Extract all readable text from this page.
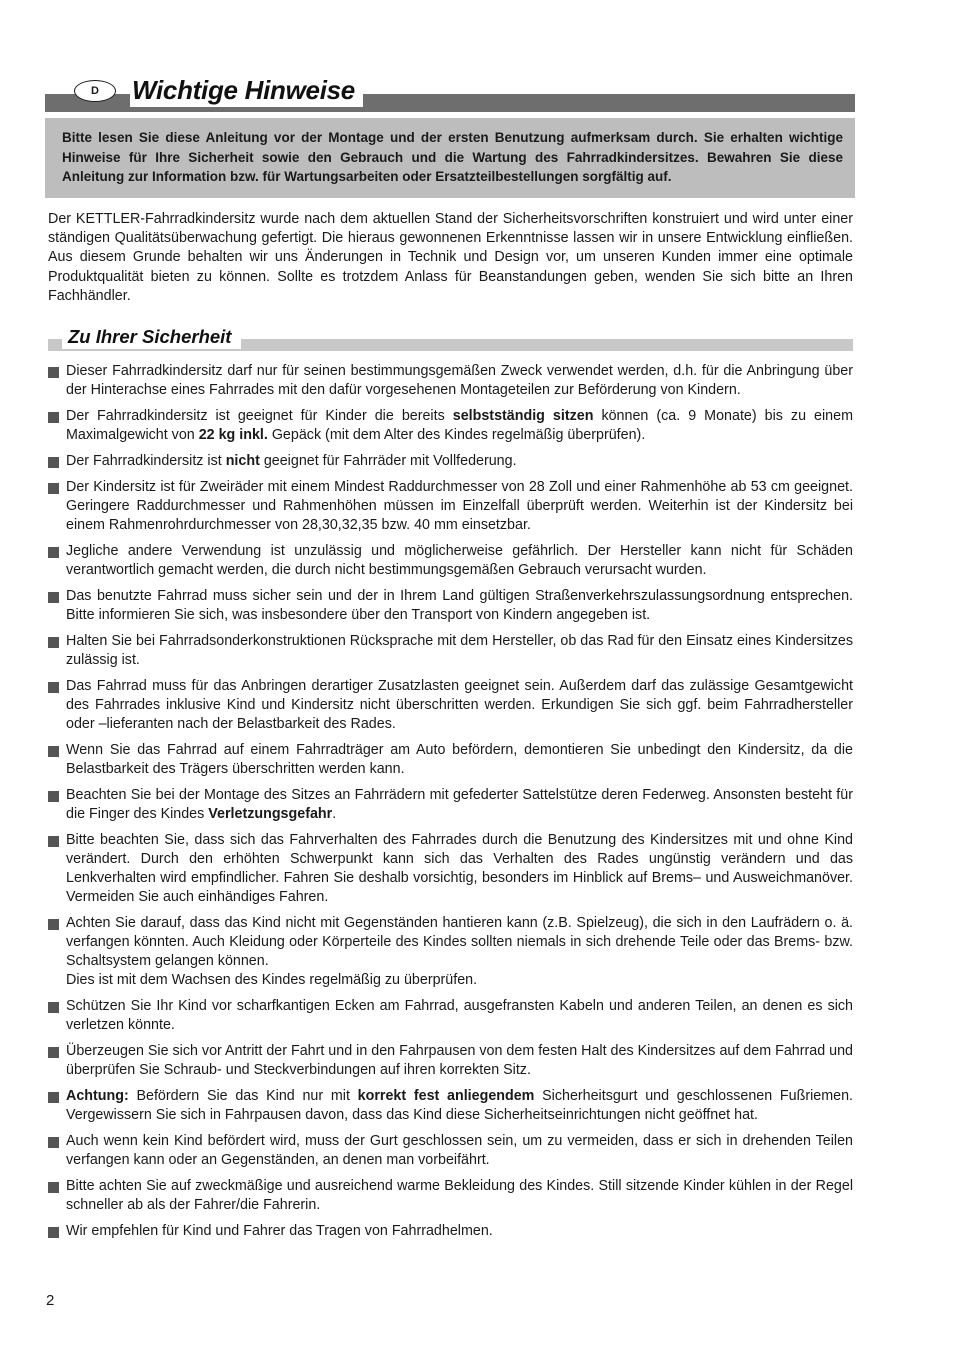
D	Wichtige Hinweise
Bitte lesen Sie diese Anleitung vor der Montage und der ersten Benutzung aufmerksam durch. Sie erhalten wichtige Hinweise für Ihre Sicherheit sowie den Gebrauch und die Wartung des Fahrradkindersitzes. Bewahren Sie diese Anleitung zur Information bzw. für Wartungsarbeiten oder Ersatzteilbestellungen sorgfältig auf.
Der KETTLER-Fahrradkindersitz wurde nach dem aktuellen Stand der Sicherheitsvorschriften konstruiert und wird unter einer ständigen Qualitätsüberwachung gefertigt. Die hieraus gewonnenen Erkenntnisse lassen wir in unsere Entwicklung einfließen. Aus diesem Grunde behalten wir uns Änderungen in Technik und Design vor, um unseren Kunden immer eine optimale Produktqualität bieten zu können. Sollte es trotzdem Anlass für Beanstandungen geben, wenden Sie sich bitte an Ihren Fachhändler.
Zu Ihrer Sicherheit
Dieser Fahrradkindersitz darf nur für seinen bestimmungsgemäßen Zweck verwendet werden, d.h. für die Anbringung über der Hinterachse eines Fahrrades mit den dafür vorgesehenen Montageteilen zur Beförderung von Kindern.
Der Fahrradkindersitz ist geeignet für Kinder die bereits selbstständig sitzen können (ca. 9 Monate) bis zu einem Maximalgewicht von 22 kg inkl. Gepäck (mit dem Alter des Kindes regelmäßig überprüfen).
Der Fahrradkindersitz ist nicht geeignet für Fahrräder mit Vollfederung.
Der Kindersitz ist für Zweiräder mit einem Mindest Raddurchmesser von 28 Zoll und einer Rahmenhöhe ab 53 cm geeignet. Geringere Raddurchmesser und Rahmenhöhen müssen im Einzelfall überprüft werden. Weiterhin ist der Kindersitz bei einem Rahmenrohrdurchmesser von 28,30,32,35 bzw. 40 mm einsetzbar.
Jegliche andere Verwendung ist unzulässig und möglicherweise gefährlich. Der Hersteller kann nicht für Schäden verantwortlich gemacht werden, die durch nicht bestimmungsgemäßen Gebrauch verursacht wurden.
Das benutzte Fahrrad muss sicher sein und der in Ihrem Land gültigen Straßenverkehrszulassungsordnung entsprechen. Bitte informieren Sie sich, was insbesondere über den Transport von Kindern angegeben ist.
Halten Sie bei Fahrradsonderkonstruktionen Rücksprache mit dem Hersteller, ob das Rad für den Einsatz eines Kindersitzes zulässig ist.
Das Fahrrad muss für das Anbringen derartiger Zusatzlasten geeignet sein. Außerdem darf das zulässige Gesamtgewicht des Fahrrades inklusive Kind und Kindersitz nicht überschritten werden. Erkundigen Sie sich ggf. beim Fahrradhersteller oder –lieferanten nach der Belastbarkeit des Rades.
Wenn Sie das Fahrrad auf einem Fahrradträger am Auto befördern, demontieren Sie unbedingt den Kindersitz, da die Belastbarkeit des Trägers überschritten werden kann.
Beachten Sie bei der Montage des Sitzes an Fahrrädern mit gefederter Sattelstütze deren Federweg. Ansonsten besteht für die Finger des Kindes Verletzungsgefahr.
Bitte beachten Sie, dass sich das Fahrverhalten des Fahrrades durch die Benutzung des Kindersitzes mit und ohne Kind verändert. Durch den erhöhten Schwerpunkt kann sich das Verhalten des Rades ungünstig verändern und das Lenkverhalten wird empfindlicher. Fahren Sie deshalb vorsichtig, besonders im Hinblick auf Brems– und Ausweichmanöver. Vermeiden Sie auch einhändiges Fahren.
Achten Sie darauf, dass das Kind nicht mit Gegenständen hantieren kann (z.B. Spielzeug), die sich in den Laufrädern o. ä. verfangen könnten. Auch Kleidung oder Körperteile des Kindes sollten niemals in sich drehende Teile oder das Brems- bzw. Schaltsystem gelangen können.
Dies ist mit dem Wachsen des Kindes regelmäßig zu überprüfen.
Schützen Sie Ihr Kind vor scharfkantigen Ecken am Fahrrad, ausgefransten Kabeln und anderen Teilen, an denen es sich verletzen könnte.
Überzeugen Sie sich vor Antritt der Fahrt und in den Fahrpausen von dem festen Halt des Kindersitzes auf dem Fahrrad und überprüfen Sie Schraub- und Steckverbindungen auf ihren korrekten Sitz.
Achtung: Befördern Sie das Kind nur mit korrekt fest anliegendem Sicherheitsgurt und geschlossenen Fußriemen. Vergewissern Sie sich in Fahrpausen davon, dass das Kind diese Sicherheitseinrichtungen nicht geöffnet hat.
Auch wenn kein Kind befördert wird, muss der Gurt geschlossen sein, um zu vermeiden, dass er sich in drehenden Teilen verfangen kann oder an Gegenständen, an denen man vorbeifährt.
Bitte achten Sie auf zweckmäßige und ausreichend warme Bekleidung des Kindes. Still sitzende Kinder kühlen in der Regel schneller ab als der Fahrer/die Fahrerin.
Wir empfehlen für Kind und Fahrer das Tragen von Fahrradhelmen.
2
